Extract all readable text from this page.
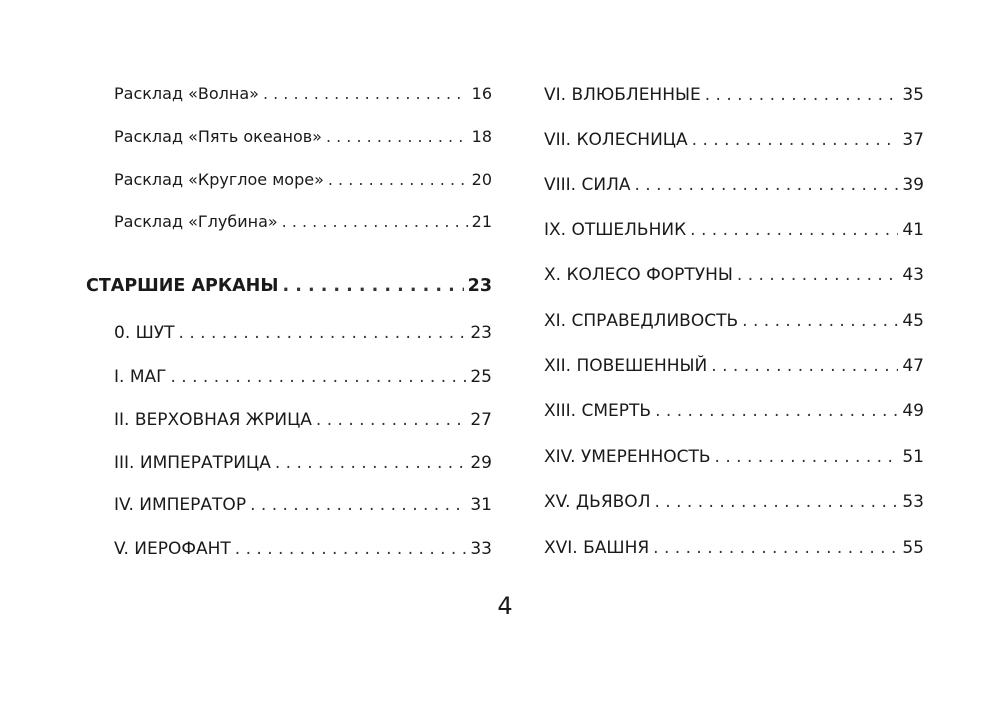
Расклад «Волна» . . .	16
Расклад «Пять океанов» . . .	18
Расклад «Круглое море» . . .	20
Расклад «Глубина» . . .	21
СТАРШИЕ АРКАНЫ . . .	23
0. ШУТ . . .	23
I. МАГ . . .	25
II. ВЕРХОВНАЯ ЖРИЦА . . .	27
III. ИМПЕРАТРИЦА . . .	29
IV. ИМПЕРАТОР . . .	31
V. ИЕРОФАНТ . . .	33
VI. ВЛЮБЛЕННЫЕ . . .	35
VII. КОЛЕСНИЦА . . .	37
VIII. СИЛА . . .	39
IX. ОТШЕЛЬНИК . . .	41
X. КОЛЕСО ФОРТУНЫ . . .	43
XI. СПРАВЕДЛИВОСТЬ . . .	45
XII. ПОВЕШЕННЫЙ . . .	47
XIII. СМЕРТЬ . . .	49
XIV. УМЕРЕННОСТЬ . . .	51
XV. ДЬЯВОЛ . . .	53
XVI. БАШНЯ . . .	55
4
